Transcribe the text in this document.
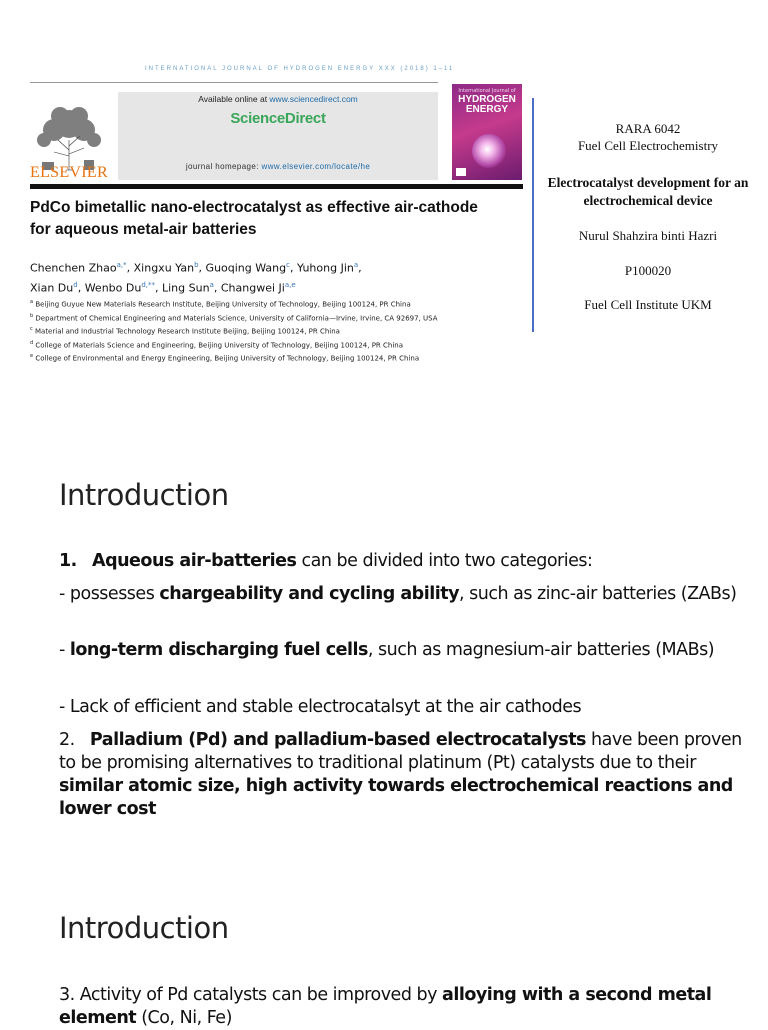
INTERNATIONAL JOURNAL OF HYDROGEN ENERGY XXX (2018) 1–11
ELSEVIER
Available online at www.sciencedirect.com
ScienceDirect
journal homepage: www.elsevier.com/locate/he
International Journal of
HYDROGEN ENERGY
PdCo bimetallic nano-electrocatalyst as effective air-cathode for aqueous metal-air batteries
Chenchen Zhao$^{a,*}$, Xingxu Yan$^b$, Guoqing Wang$^c$, Yuhong Jin$^a$,
Xian Du$^d$, Wenbo $Du^{d,**}$, Ling Sun$^a$, Changwei Ji$^{a,e}$
$^a$ Beijing Guyue New Materials Research Institute, Beijing University of Technology, Beijing 100124, PR China
$^b$ Department of Chemical Engineering and Materials Science, University of California—Irvine, Irvine, CA 92697, USA
$^c$ Material and Industrial Technology Research Institute Beijing, Beijing 100124, PR China
$^d$ College of Materials Science and Engineering, Beijing University of Technology, Beijing 100124, PR China
$^e$ College of Environmental and Energy Engineering, Beijing University of Technology, Beijing 100124, PR China
RARA 6042
Fuel Cell Electrochemistry
Electrocatalyst development for an electrochemical device
Nurul Shahzira binti Hazri
P100020
Fuel Cell Institute UKM
Introduction
1. Aqueous air-batteries can be divided into two categories:
- possesses chargeability and cycling ability, such as zinc-air batteries (ZABs)
- long-term discharging fuel cells, such as magnesium-air batteries (MABs)
- Lack of efficient and stable electrocatalsyt at the air cathodes
2. Palladium (Pd) and palladium-based electrocatalysts have been proven to be promising alternatives to traditional platinum (Pt) catalysts due to their similar atomic size, high activity towards electrochemical reactions and lower cost
Introduction
3. Activity of Pd catalysts can be improved by alloying with a second metal element (Co, Ni, Fe)
